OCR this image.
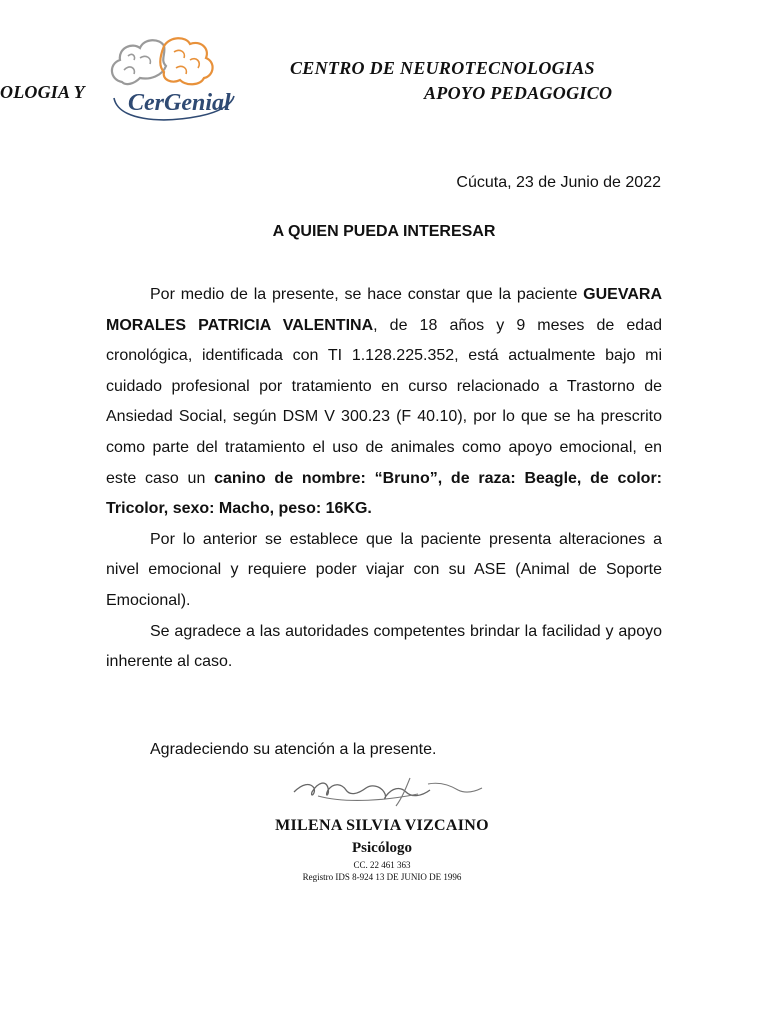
OLOGIA Y CerGenial
CENTRO DE NEUROTECNOLOGIAS
APOYO PEDAGOGICO
Cúcuta, 23 de Junio de 2022
A QUIEN PUEDA INTERESAR

Por medio de la presente, se hace constar que la paciente GUEVARA MORALES PATRICIA VALENTINA, de 18 años y 9 meses de edad cronológica, identificada con TI 1.128.225.352, está actualmente bajo mi cuidado profesional por tratamiento en curso relacionado a Trastorno de Ansiedad Social, según DSM V 300.23 (F 40.10), por lo que se ha prescrito como parte del tratamiento el uso de animales como apoyo emocional, en este caso un canino de nombre: “Bruno”, de raza: Beagle, de color: Tricolor, sexo: Macho, peso: 16KG.

Por lo anterior se establece que la paciente presenta alteraciones a nivel emocional y requiere poder viajar con su ASE (Animal de Soporte Emocional).

Se agradece a las autoridades competentes brindar la facilidad y apoyo inherente al caso.

Agradeciendo su atención a la presente.
MILENA SILVIA VIZCAINO
Psicólogo
CC. 22 461 363
Registro IDS 8-924 13 DE JUNIO DE 1996
